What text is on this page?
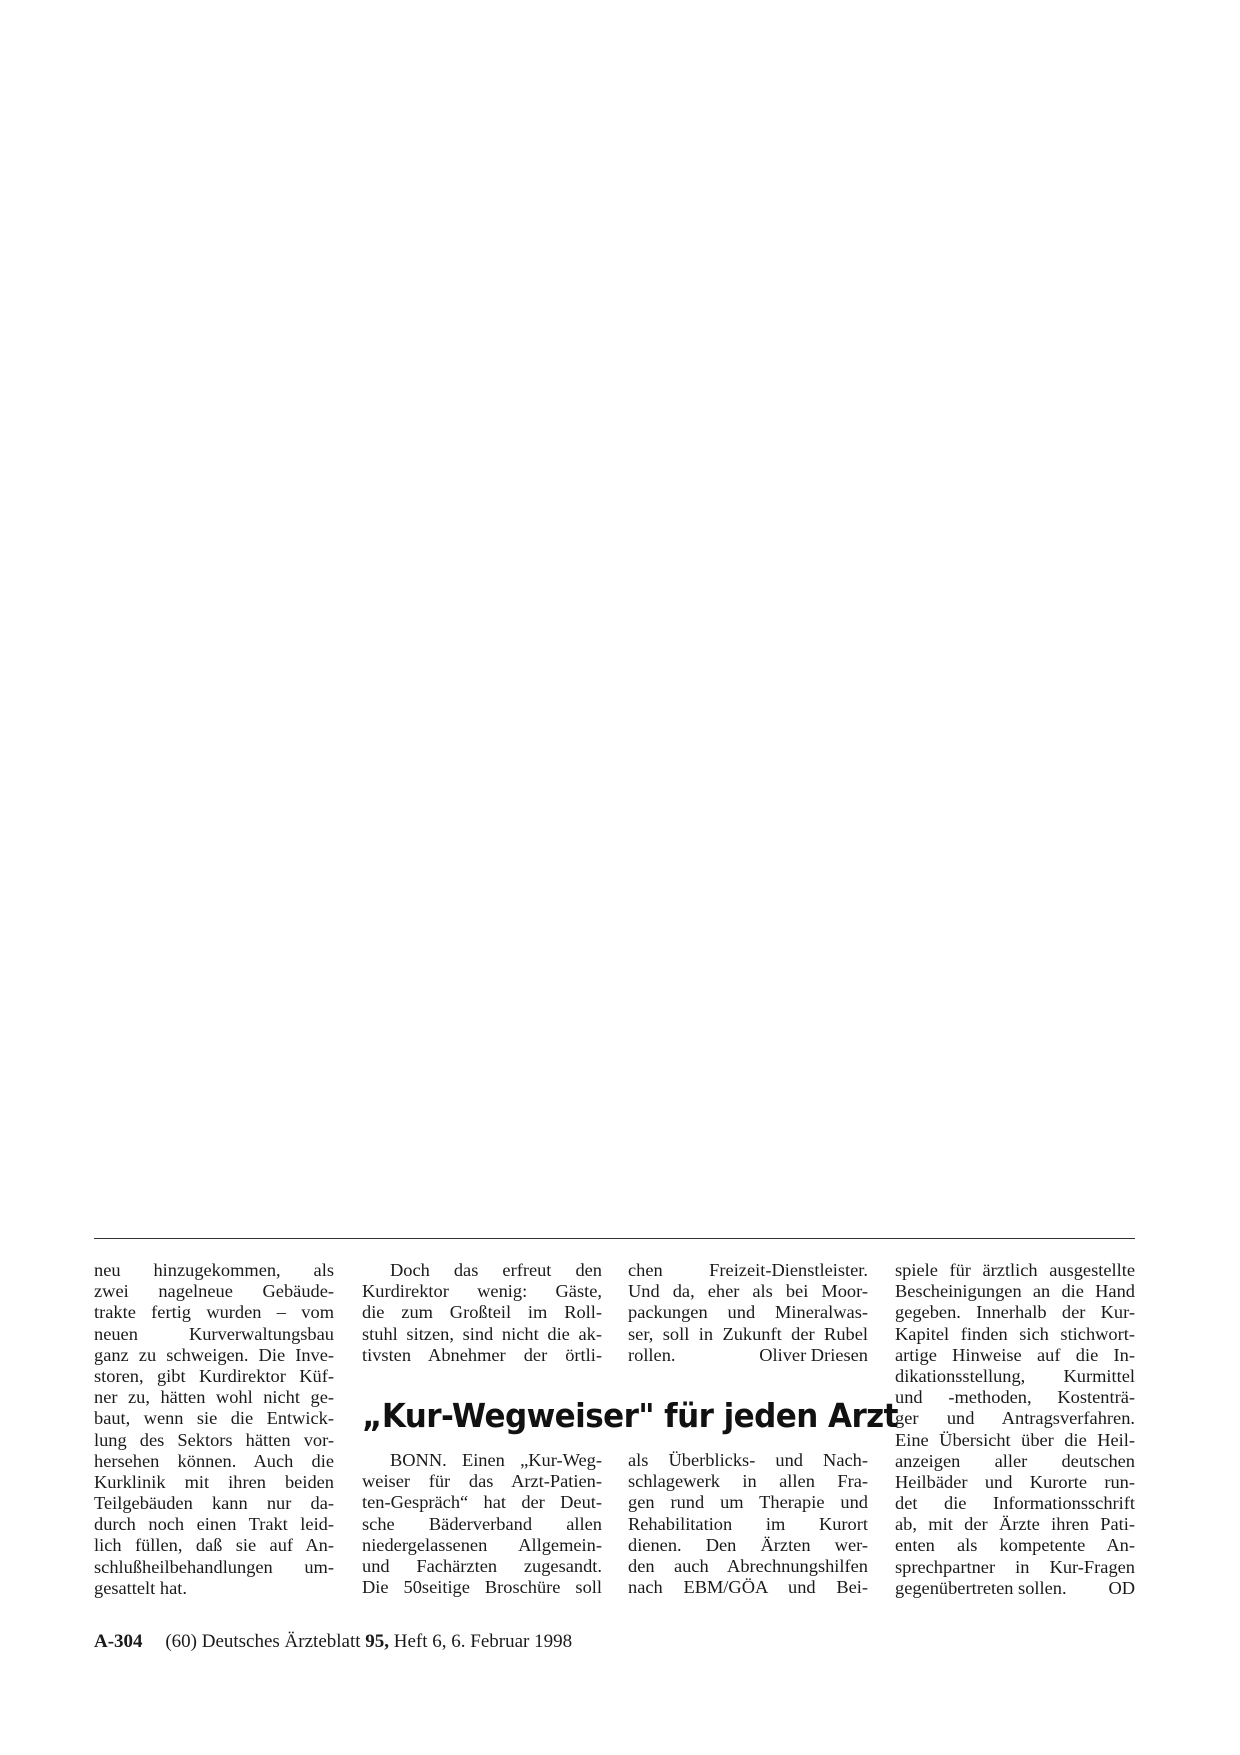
neu hinzugekommen, als
zwei nagelneue Gebäude-
trakte fertig wurden – vom
neuen Kurverwaltungsbau
ganz zu schweigen. Die Inve-
storen, gibt Kurdirektor Küf-
ner zu, hätten wohl nicht ge-
baut, wenn sie die Entwick-
lung des Sektors hätten vor-
hersehen können. Auch die
Kurklinik mit ihren beiden
Teilgebäuden kann nur da-
durch noch einen Trakt leid-
lich füllen, daß sie auf An-
schlußheilbehandlungen um-
gesattelt hat.
Doch das erfreut den
Kurdirektor wenig: Gäste,
die zum Großteil im Roll-
stuhl sitzen, sind nicht die ak-
tivsten Abnehmer der örtli-
chen Freizeit-Dienstleister.
Und da, eher als bei Moor-
packungen und Mineralwas-
ser, soll in Zukunft der Rubel
rollen.	Oliver Driesen
„Kur-Wegweiser" für jeden Arzt
BONN. Einen „Kur-Weg-
weiser für das Arzt-Patien-
ten-Gespräch“ hat der Deut-
sche Bäderverband allen
niedergelassenen Allgemein-
und Fachärzten zugesandt.
Die 50seitige Broschüre soll
als Überblicks- und Nach-
schlagewerk in allen Fra-
gen rund um Therapie und
Rehabilitation im Kurort
dienen. Den Ärzten wer-
den auch Abrechnungshilfen
nach EBM/GÖA und Bei-
spiele für ärztlich ausgestellte
Bescheinigungen an die Hand
gegeben. Innerhalb der Kur-
Kapitel finden sich stichwort-
artige Hinweise auf die In-
dikationsstellung, Kurmittel
und -methoden, Kostenträ-
ger und Antragsverfahren.
Eine Übersicht über die Heil-
anzeigen aller deutschen
Heilbäder und Kurorte run-
det die Informationsschrift
ab, mit der Ärzte ihren Pati-
enten als kompetente An-
sprechpartner in Kur-Fragen
gegenübertreten sollen. OD
A-304 (60) Deutsches Ärzteblatt 95, Heft 6, 6. Februar 1998
